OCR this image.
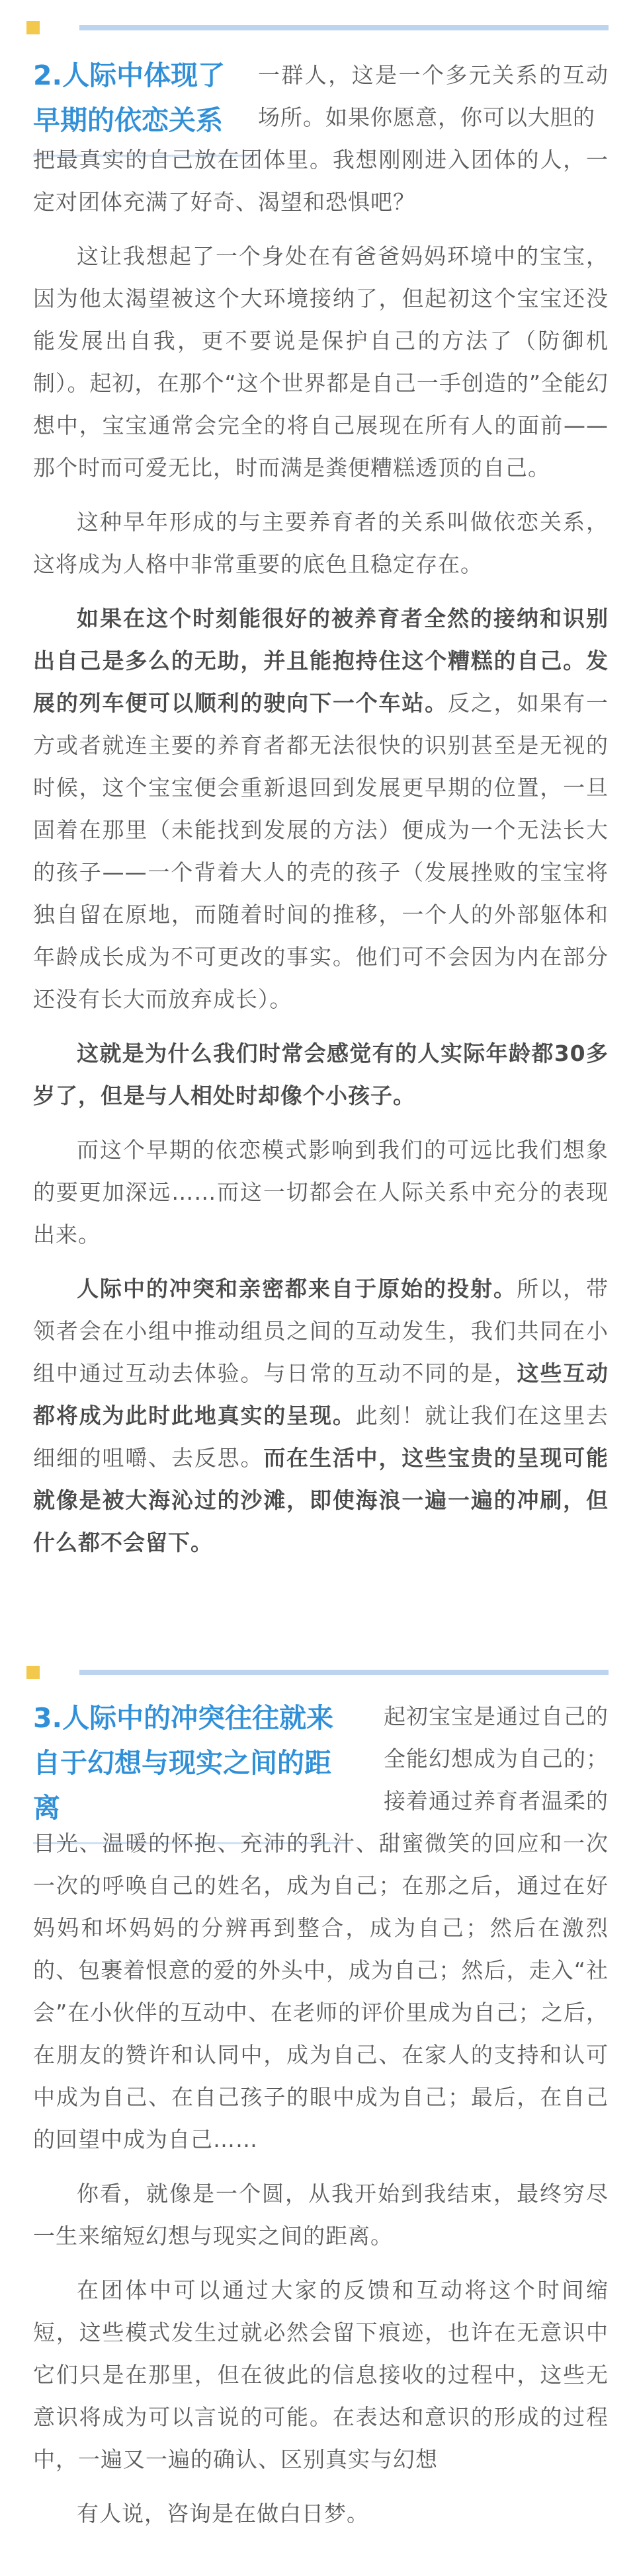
2.人际中体现了早期的依恋关系

一群人，这是一个多元关系的互动场所。如果你愿意，你可以大胆的

把最真实的自己放在团体里。我想刚刚进入团体的人，一定对团体充满了好奇、渴望和恐惧吧？

这让我想起了一个身处在有爸爸妈妈环境中的宝宝，因为他太渴望被这个大环境接纳了，但起初这个宝宝还没能发展出自我，更不要说是保护自己的方法了（防御机制）。起初，在那个“这个世界都是自己一手创造的”全能幻想中，宝宝通常会完全的将自己展现在所有人的面前——那个时而可爱无比，时而满是粪便糟糕透顶的自己。

这种早年形成的与主要养育者的关系叫做依恋关系，这将成为人格中非常重要的底色且稳定存在。

如果在这个时刻能很好的被养育者全然的接纳和识别出自己是多么的无助，并且能抱持住这个糟糕的自己。发展的列车便可以顺利的驶向下一个车站。反之，如果有一方或者就连主要的养育者都无法很快的识别甚至是无视的时候，这个宝宝便会重新退回到发展更早期的位置，一旦固着在那里（未能找到发展的方法）便成为一个无法长大的孩子——一个背着大人的壳的孩子（发展挫败的宝宝将独自留在原地，而随着时间的推移，一个人的外部躯体和年龄成长成为不可更改的事实。他们可不会因为内在部分还没有长大而放弃成长）。

这就是为什么我们时常会感觉有的人实际年龄都30多岁了，但是与人相处时却像个小孩子。

而这个早期的依恋模式影响到我们的可远比我们想象的要更加深远……而这一切都会在人际关系中充分的表现出来。

人际中的冲突和亲密都来自于原始的投射。所以，带领者会在小组中推动组员之间的互动发生，我们共同在小组中通过互动去体验。与日常的互动不同的是，这些互动都将成为此时此地真实的呈现。此刻！就让我们在这里去细细的咀嚼、去反思。而在生活中，这些宝贵的呈现可能就像是被大海沁过的沙滩，即使海浪一遍一遍的冲刷，但什么都不会留下。

3.人际中的冲突往往就来自于幻想与现实之间的距离

起初宝宝是通过自己的全能幻想成为自己的；接着通过养育者温柔的

目光、温暖的怀抱、充沛的乳汁、甜蜜微笑的回应和一次一次的呼唤自己的姓名，成为自己；在那之后，通过在好妈妈和坏妈妈的分辨再到整合，成为自己；然后在激烈的、包裹着恨意的爱的外头中，成为自己；然后，走入“社会”在小伙伴的互动中、在老师的评价里成为自己；之后，在朋友的赞许和认同中，成为自己、在家人的支持和认可中成为自己、在自己孩子的眼中成为自己；最后，在自己的回望中成为自己……

你看，就像是一个圆，从我开始到我结束，最终穷尽一生来缩短幻想与现实之间的距离。

在团体中可以通过大家的反馈和互动将这个时间缩短，这些模式发生过就必然会留下痕迹，也许在无意识中它们只是在那里，但在彼此的信息接收的过程中，这些无意识将成为可以言说的可能。在表达和意识的形成的过程中，一遍又一遍的确认、区别真实与幻想

有人说，咨询是在做白日梦。
